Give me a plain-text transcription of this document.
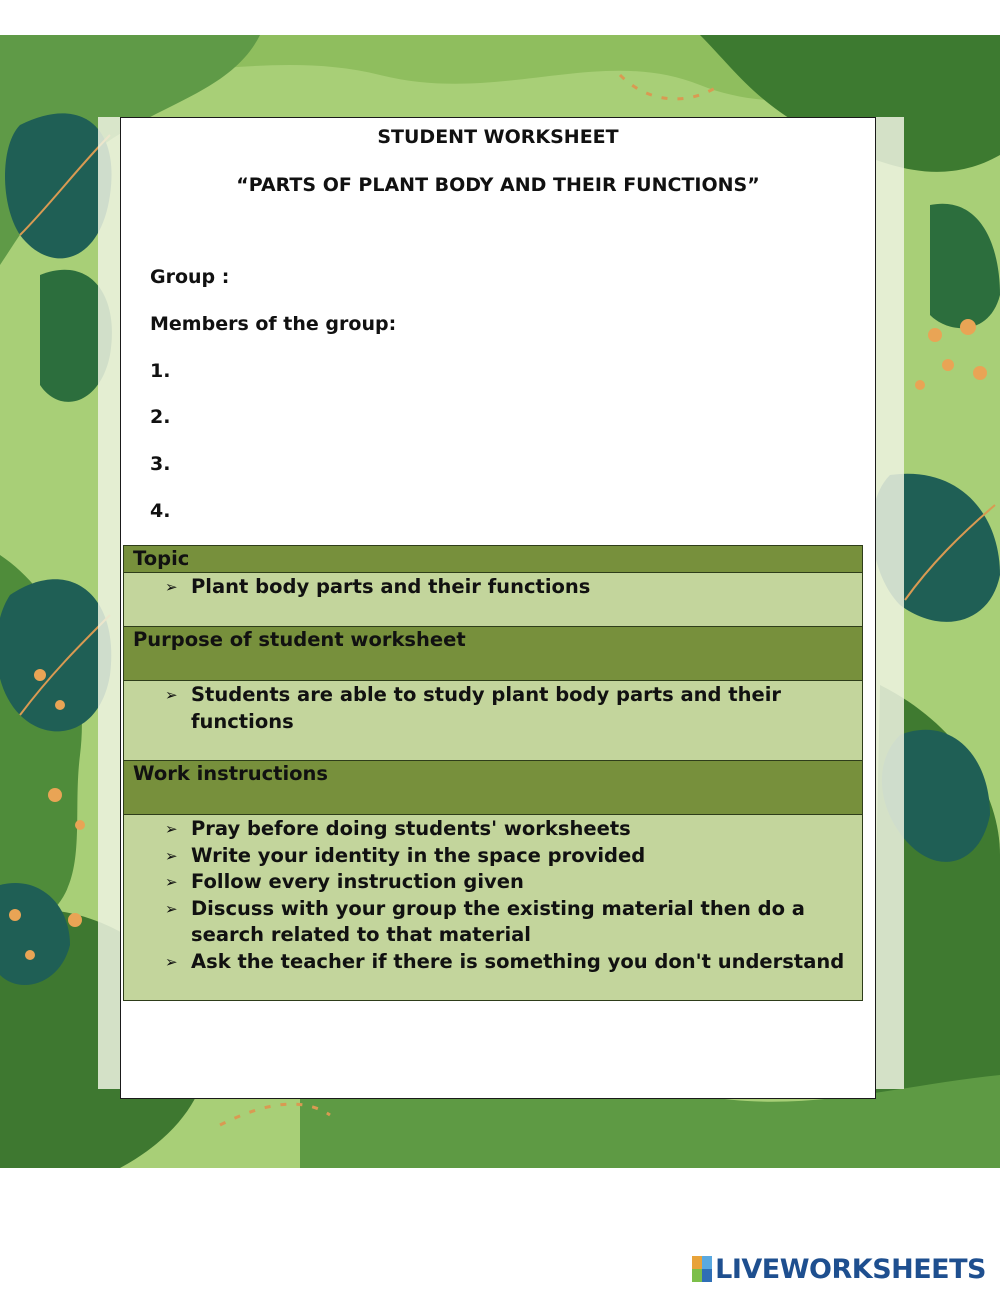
STUDENT WORKSHEET

“PARTS OF PLANT BODY AND THEIR FUNCTIONS”

Group :

Members of the group:

1.

2.

3.

4.

Topic

➢ Plant body parts and their functions

Purpose of student worksheet

➢ Students are able to study plant body parts and their functions

Work instructions

➢ Pray before doing students' worksheets
➢ Write your identity in the space provided
➢ Follow every instruction given
➢ Discuss with your group the existing material then do a search related to that material
➢ Ask the teacher if there is something you don't understand
LIVEWORKSHEETS
